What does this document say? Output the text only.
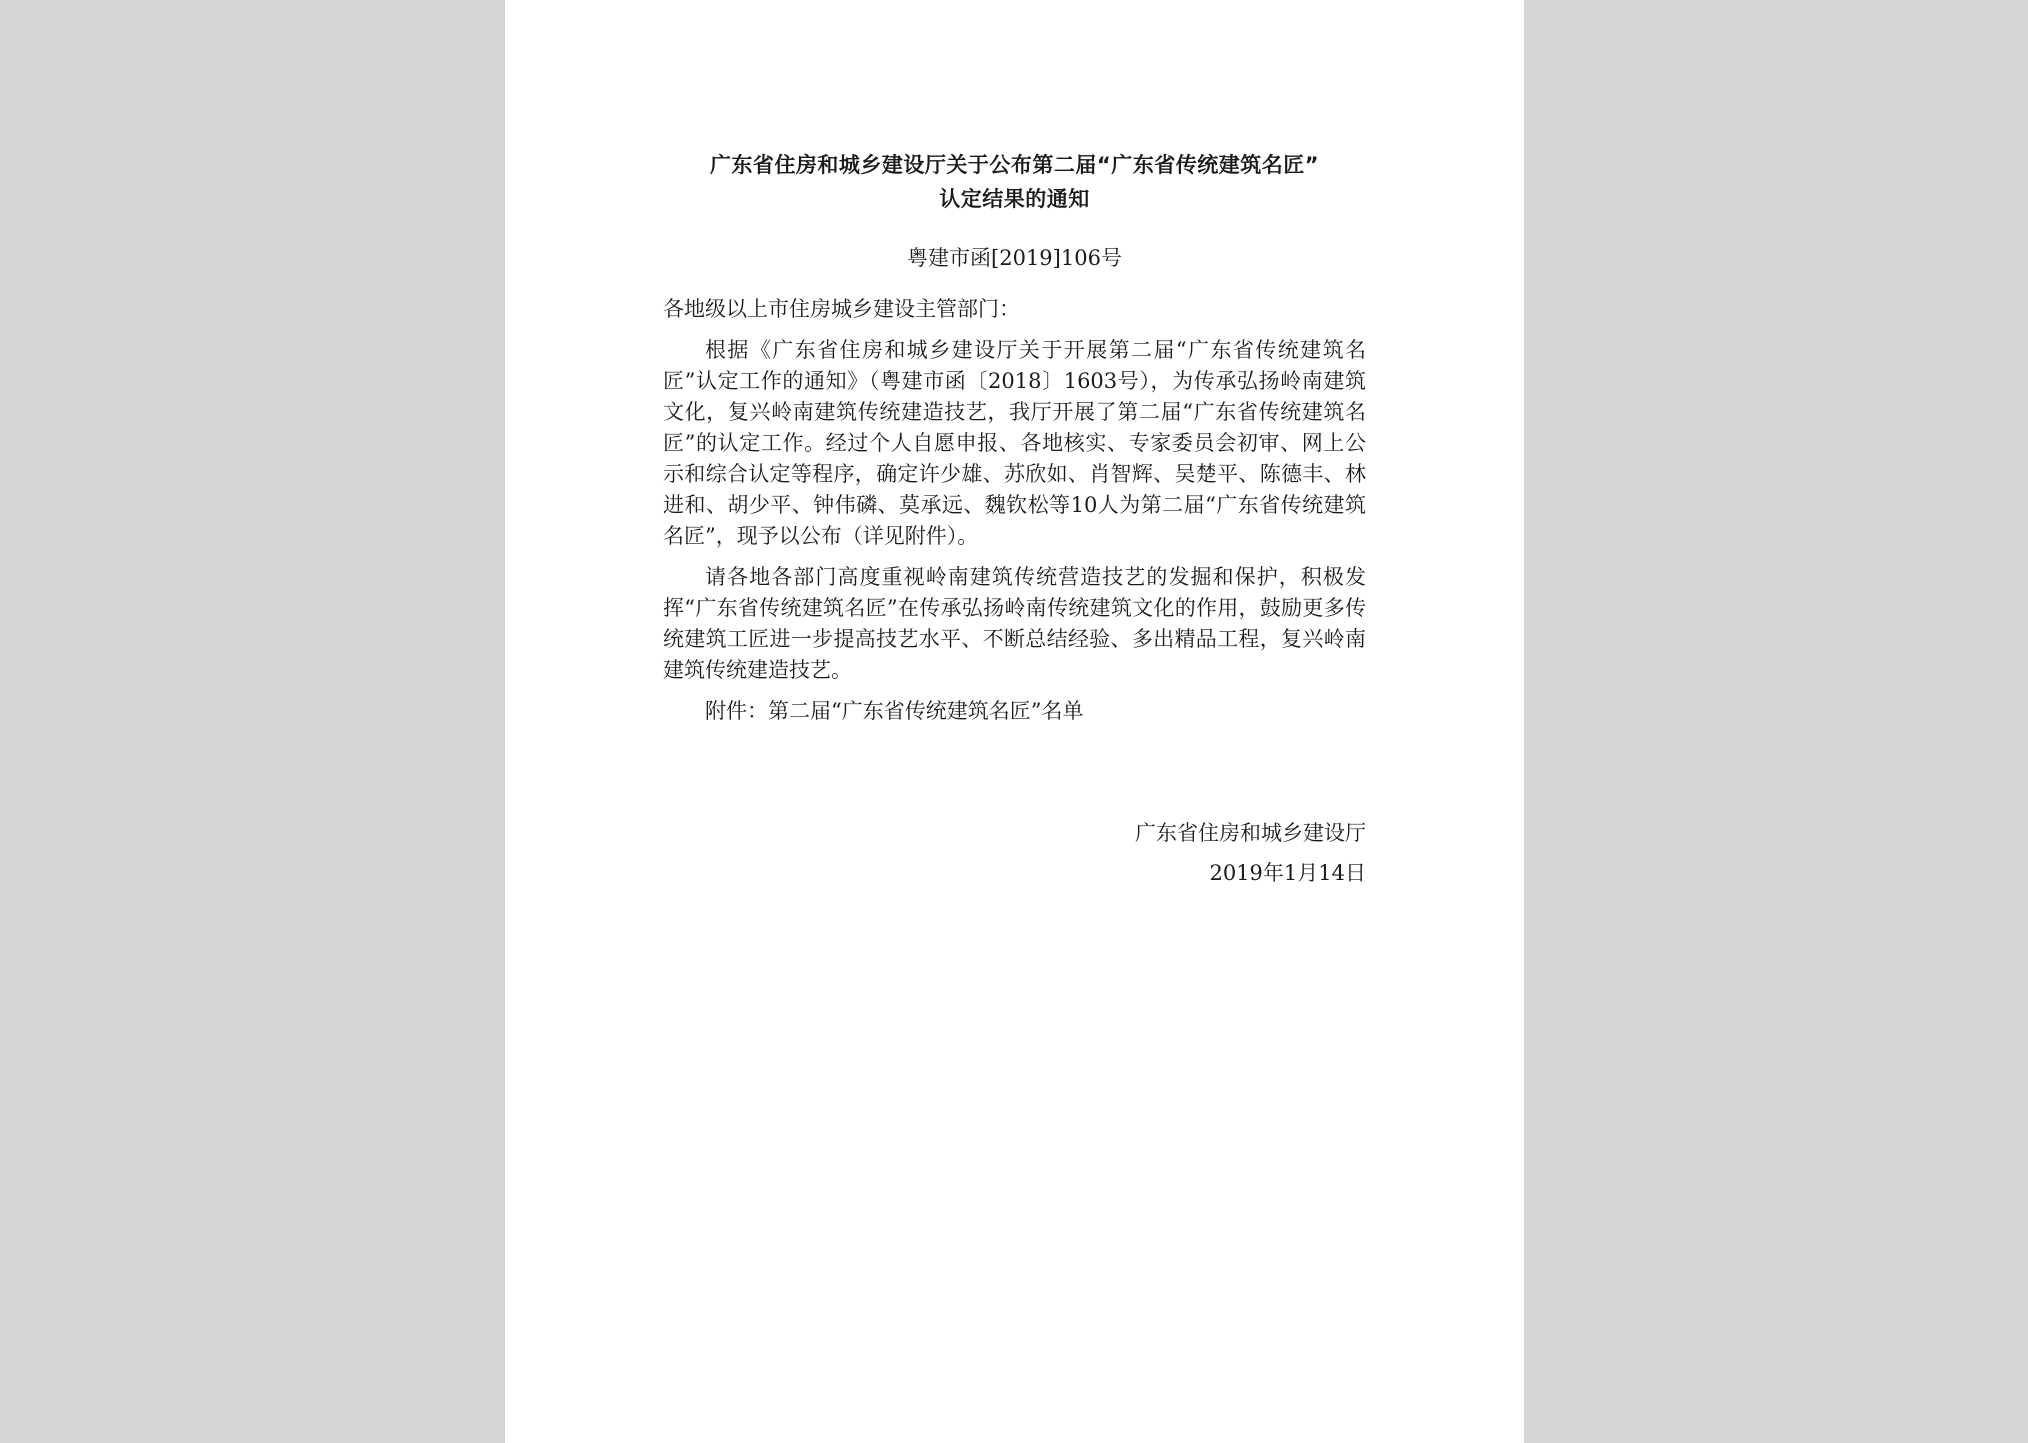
广东省住房和城乡建设厅关于公布第二届“广东省传统建筑名匠”
认定结果的通知
粤建市函[2019]106号
各地级以上市住房城乡建设主管部门：

根据《广东省住房和城乡建设厅关于开展第二届“广东省传统建筑名匠”认定工作的通知》（粤建市函〔2018〕1603号），为传承弘扬岭南建筑文化，复兴岭南建筑传统建造技艺，我厅开展了第二届“广东省传统建筑名匠”的认定工作。经过个人自愿申报、各地核实、专家委员会初审、网上公示和综合认定等程序，确定许少雄、苏欣如、肖智辉、吴楚平、陈德丰、林进和、胡少平、钟伟磷、莫承远、魏钦松等10人为第二届“广东省传统建筑名匠”，现予以公布（详见附件）。

请各地各部门高度重视岭南建筑传统营造技艺的发掘和保护，积极发挥“广东省传统建筑名匠”在传承弘扬岭南传统建筑文化的作用，鼓励更多传统建筑工匠进一步提高技艺水平、不断总结经验、多出精品工程，复兴岭南建筑传统建造技艺。

附件：第二届“广东省传统建筑名匠”名单
广东省住房和城乡建设厅
2019年1月14日
